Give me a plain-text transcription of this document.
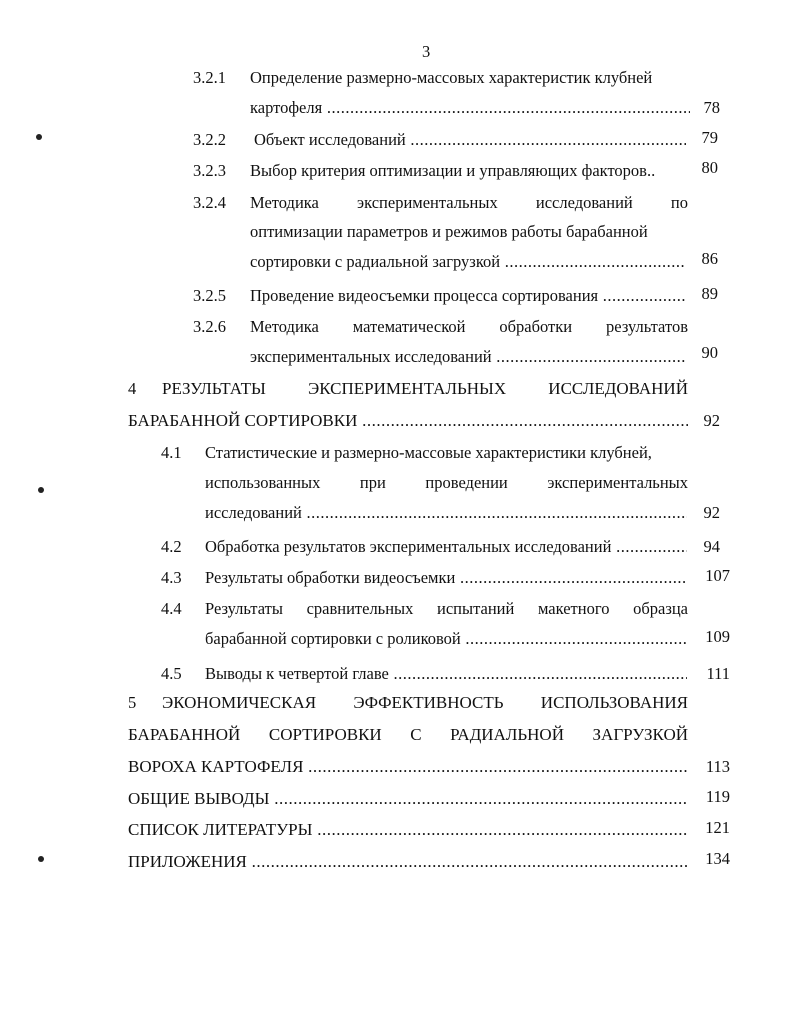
3
3.2.1 Определение размерно-массовых характеристик клубней
картофеля .....	78
3.2.2 Объект исследований .....	79
3.2.3 Выбор критерия оптимизации и управляющих факторов..	80
3.2.4 Методика экспериментальных исследований по
оптимизации параметров и режимов работы барабанной
сортировки с радиальной загрузкой .....	86
3.2.5 Проведение видеосъемки процесса сортирования .....	89
3.2.6 Методика математической обработки результатов
экспериментальных исследований .....	90
4 РЕЗУЛЬТАТЫ ЭКСПЕРИМЕНТАЛЬНЫХ ИССЛЕДОВАНИЙ
БАРАБАННОЙ СОРТИРОВКИ .....	92
4.1 Статистические и размерно-массовые характеристики клубней,
использованных при проведении экспериментальных
исследований .....	92
4.2 Обработка результатов экспериментальных исследований .....	94
4.3 Результаты обработки видеосъемки .....	107
4.4 Результаты сравнительных испытаний макетного образца
барабанной сортировки с роликовой .....	109
4.5 Выводы к четвертой главе .....	111
5 ЭКОНОМИЧЕСКАЯ ЭФФЕКТИВНОСТЬ ИСПОЛЬЗОВАНИЯ
БАРАБАННОЙ СОРТИРОВКИ С РАДИАЛЬНОЙ ЗАГРУЗКОЙ
ВОРОХА КАРТОФЕЛЯ .....	113
ОБЩИЕ ВЫВОДЫ .....	119
СПИСОК ЛИТЕРАТУРЫ .....	121
ПРИЛОЖЕНИЯ .....	134
